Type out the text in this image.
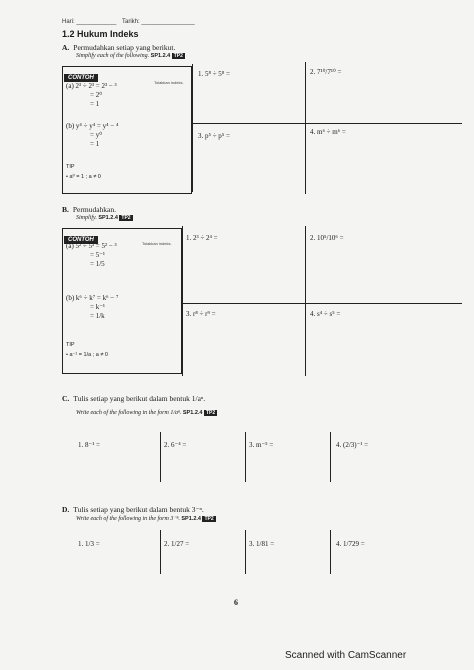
Hari: ____________ Tarikh: ________________
1.2 Hukum Indeks
A. Permudahkan setiap yang berikut.
Simplify each of the following. SP1.2.4 TP2
CONTOH
(a) 2³ ÷ 2³ = 2³ − ³
= 2⁰
= 1
Tolakkan indeks.
(b) y⁴ ÷ y⁴ = y⁴ − ⁴
= y⁰
= 1
TIP
• a⁰ = 1 ; a ≠ 0
1. 5⁸ ÷ 5⁸ =	2. 7¹⁰/7¹⁰ =
3. p⁵ ÷ p⁵ =	4. m⁶ ÷ m⁶ =
B. Permudahkan.
Simplify. SP1.2.4 TP2
CONTOH
(a) 5² ÷ 5³ = 5² − ³
= 5⁻¹
= 1/5
Tolakkan indeks.
(b) k⁶ ÷ k⁷ = k⁶ − ⁷
= k⁻¹
= 1/k
TIP
• a⁻¹ = 1/a ; a ≠ 0
1. 2³ ÷ 2⁴ =	2. 10⁵/10⁶ =
3. r⁸ ÷ r⁹ =	4. s⁴ ÷ s⁵ =
C. Tulis setiap yang berikut dalam bentuk 1/aⁿ.
Write each of the following in the form 1/aⁿ. SP1.2.4 TP2
1. 8⁻¹ =	2. 6⁻⁴ =	3. m⁻⁵ =	4. (2/3)⁻¹ =
D. Tulis setiap yang berikut dalam bentuk 3⁻ⁿ.
Write each of the following in the form 3⁻ⁿ. SP1.2.4 TP2
1. 1/3 =	2. 1/27 =	3. 1/81 =	4. 1/729 =
6
Scanned with CamScanner
